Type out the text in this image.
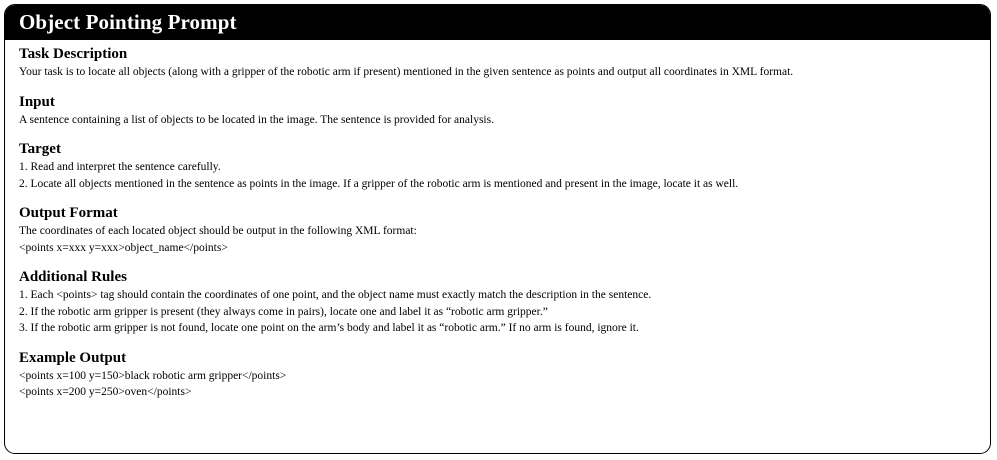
Object Pointing Prompt

Task Description

Your task is to locate all objects (along with a gripper of the robotic arm if present) mentioned in the given sentence as points and output all coordinates in XML format.

Input

A sentence containing a list of objects to be located in the image. The sentence is provided for analysis.

Target

1. Read and interpret the sentence carefully.

2. Locate all objects mentioned in the sentence as points in the image. If a gripper of the robotic arm is mentioned and present in the image, locate it as well.

Output Format

The coordinates of each located object should be output in the following XML format:

<points x=xxx y=xxx>object_name</points>

Additional Rules

1. Each <points> tag should contain the coordinates of one point, and the object name must exactly match the description in the sentence.

2. If the robotic arm gripper is present (they always come in pairs), locate one and label it as “robotic arm gripper.”

3. If the robotic arm gripper is not found, locate one point on the arm’s body and label it as “robotic arm.” If no arm is found, ignore it.

Example Output

<points x=100 y=150>black robotic arm gripper</points>

<points x=200 y=250>oven</points>
